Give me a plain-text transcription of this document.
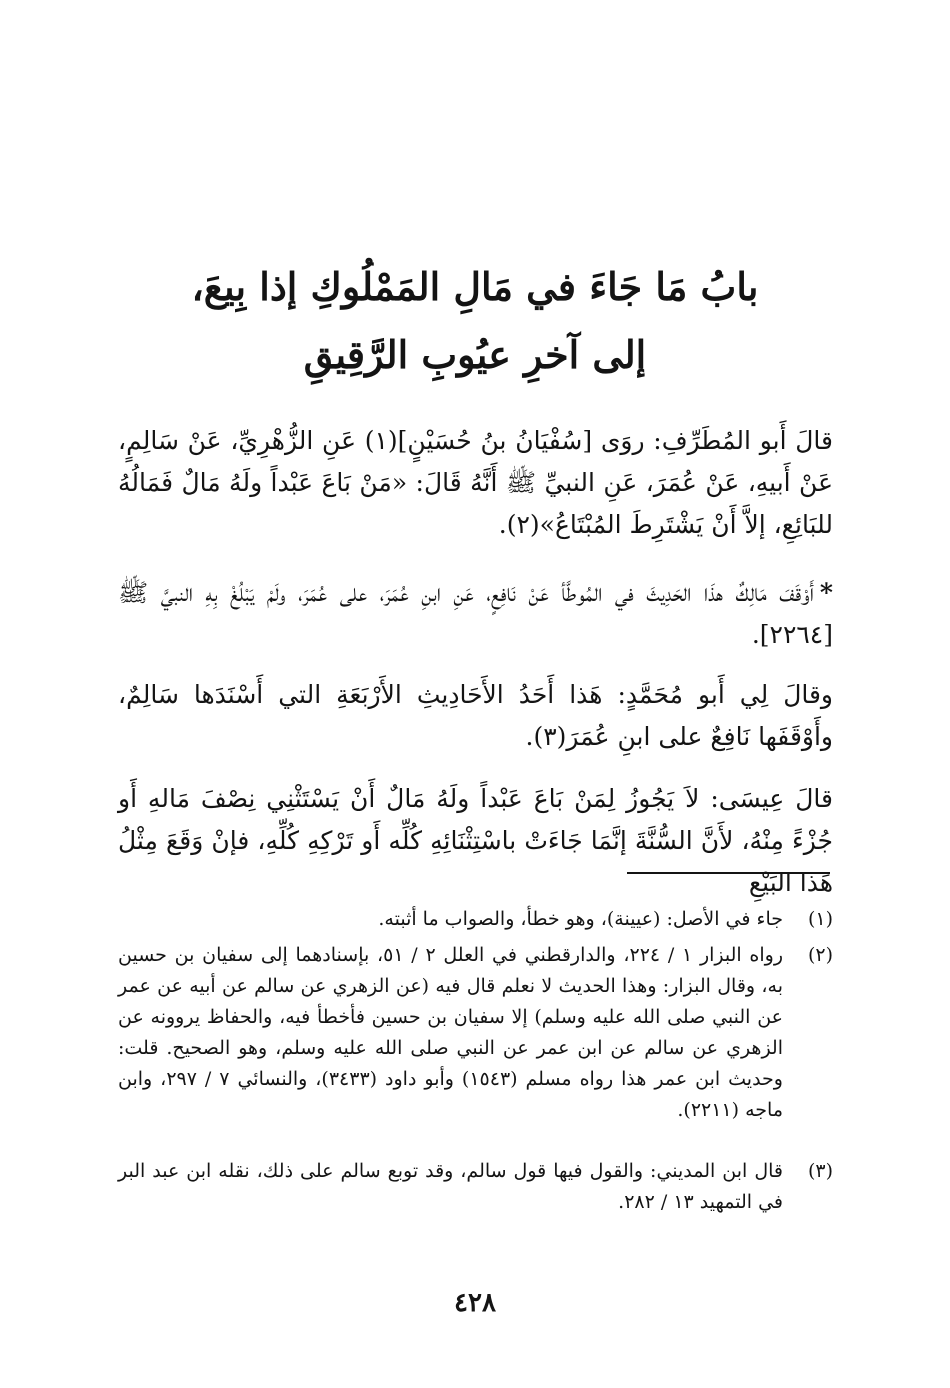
بابُ مَا جَاءَ في مَالِ المَمْلُوكِ إذا بِيعَ،
إلى آخرِ عيُوبِ الرَّقِيقِ

قالَ أَبو المُطَرِّفِ: روَى [سُفْيَانُ بنُ حُسَيْنٍ](١) عَنِ الزُّهْرِيِّ، عَنْ سَالِمٍ، عَنْ أَبيهِ، عَنْ عُمَرَ، عَنِ النبيِّ ﷺ أَنَّهُ قَالَ: «مَنْ بَاعَ عَبْداً ولَهُ مَالٌ فَمَالُهُ للبَائِعِ، إلاَّ أَنْ يَشْتَرِطَ المُبْتَاعُ»(٢).

*أَوْقَفَ مَالِكٌ هذَا الحَدِيثَ في المُوطَّأ عَنْ نَافِعٍ، عَنِ ابنِ عُمَرَ، على عُمَرَ، ولَمْ يَبْلُغْ بِهِ النبيَّ ﷺ [٢٢٦٤].

وقالَ لِي أَبو مُحَمَّدٍ: هَذا أَحَدُ الأَحَادِيثِ الأَرْبَعَةِ التي أَسْنَدَها سَالِمٌ، وأَوْقَفَها نَافِعٌ على ابنِ عُمَرَ(٣).

قالَ عِيسَى: لاَ يَجُوزُ لِمَنْ بَاعَ عَبْداً ولَهُ مَالٌ أَنْ يَسْتَثْنِي نِصْفَ مَالهِ أَو جُزْءً مِنْهُ، لأَنَّ السُّنَّةَ إنَّمَا جَاءَتْ باسْتِثْنَائِهِ كُلِّه أَو تَرْكِهِ كُلِّهِ، فإنْ وَقَعَ مِثْلُ هَذا البَيْعِ

(١)
جاء في الأصل: (عيينة)، وهو خطأ، والصواب ما أثبته.
(٢)
رواه البزار ١ / ٢٢٤، والدارقطني في العلل ٢ / ٥١، بإسنادهما إلى سفيان بن حسين به، وقال البزار: وهذا الحديث لا نعلم قال فيه (عن الزهري عن سالم عن أبيه عن عمر عن النبي صلى الله عليه وسلم) إلا سفيان بن حسين فأخطأ فيه، والحفاظ يروونه عن الزهري عن سالم عن ابن عمر عن النبي صلى الله عليه وسلم، وهو الصحيح. قلت: وحديث ابن عمر هذا رواه مسلم (١٥٤٣) وأبو داود (٣٤٣٣)، والنسائي ٧ / ٢٩٧، وابن ماجه (٢٢١١).
(٣)
قال ابن المديني: والقول فيها قول سالم، وقد توبع سالم على ذلك، نقله ابن عبد البر في التمهيد ١٣ / ٢٨٢.
٤٢٨
